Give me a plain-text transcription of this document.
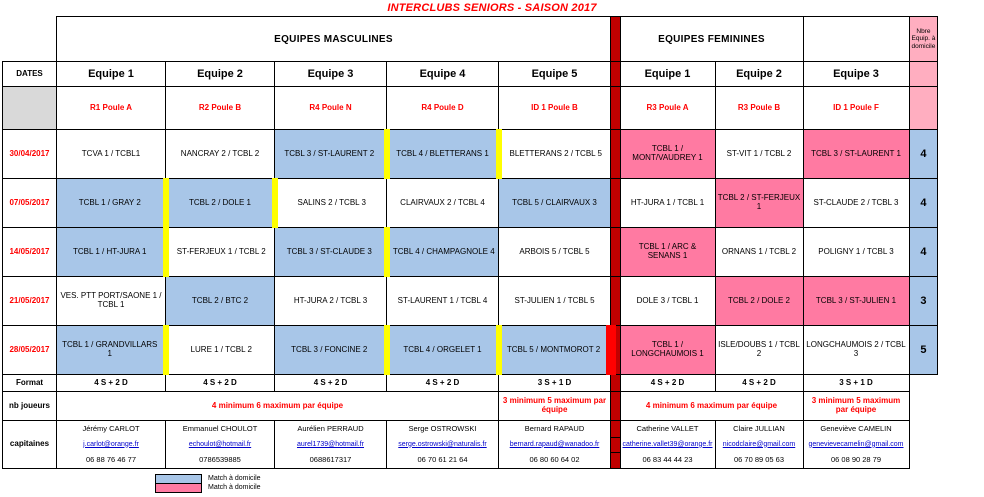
INTERCLUBS SENIORS - SAISON 2017
	EQUIPES MASCULINES						EQUIPES FEMININES			Nbre Equip. à domicile
DATES	Equipe 1	Equipe 2	Equipe 3	Equipe 4	Equipe 5		Equipe 1	Equipe 2	Equipe 3	
	R1 Poule A	R2 Poule B	R4 Poule N	R4 Poule D	ID 1 Poule B		R3 Poule A	R3 Poule B	ID 1 Poule F	
30/04/2017	TCVA 1 / TCBL1	NANCRAY 2 / TCBL 2	TCBL 3 / ST-LAURENT 2	TCBL 4 / BLETTERANS 1	BLETTERANS 2 / TCBL 5		TCBL 1 / MONT/VAUDREY 1	ST-VIT 1 / TCBL 2	TCBL 3 / ST-LAURENT 1	4
07/05/2017	TCBL 1 / GRAY 2	TCBL 2 / DOLE 1	SALINS 2 / TCBL 3	CLAIRVAUX 2 / TCBL 4	TCBL 5 / CLAIRVAUX 3		HT-JURA 1 / TCBL 1	TCBL 2 / ST-FERJEUX 1	ST-CLAUDE 2 / TCBL 3	4
14/05/2017	TCBL 1 / HT-JURA 1	ST-FERJEUX 1 / TCBL 2	TCBL 3 / ST-CLAUDE 3	TCBL 4 / CHAMPAGNOLE 4	ARBOIS 5 / TCBL 5		TCBL 1 / ARC & SENANS 1	ORNANS 1 / TCBL 2	POLIGNY 1 / TCBL 3	4
21/05/2017	VES. PTT PORT/SAONE 1 / TCBL 1	TCBL 2 / BTC 2	HT-JURA 2 / TCBL 3	ST-LAURENT 1 / TCBL 4	ST-JULIEN 1 / TCBL 5		DOLE 3 / TCBL 1	TCBL 2 / DOLE 2	TCBL 3 / ST-JULIEN 1	3
28/05/2017	TCBL 1 / GRANDVILLARS 1	LURE 1 / TCBL 2	TCBL 3 / FONCINE 2	TCBL 4 / ORGELET 1	TCBL 5 / MONTMOROT 2		TCBL 1 / LONGCHAUMOIS 1	ISLE/DOUBS 1 / TCBL 2	LONGCHAUMOIS 2 / TCBL 3	5
Format	4 S + 2 D	4 S + 2 D	4 S + 2 D	4 S + 2 D	3 S + 1 D		4 S + 2 D	4 S + 2 D	3 S + 1 D	
nb joueurs	4 minimum 6 maximum par équipe				3 minimum 5 maximum par équipe		4 minimum 6 maximum par équipe		3 minimum 5 maximum par équipe	
capitaines	Jérémy CARLOT	Emmanuel CHOULOT	Aurélien PERRAUD	Serge OSTROWSKI	Bernard RAPAUD		Catherine VALLET	Claire JULLIAN	Geneviève CAMELIN	
	j.carlot@orange.fr	echoulot@hotmail.fr	aurel1739@hotmail.fr	serge.ostrowski@naturalis.fr	bernard.rapaud@wanadoo.fr		catherine.vallet39@orange.fr	nicodclaire@gmail.com	genevievecamelin@gmail.com	
	06 88 76 46 77	0786539885	0688617317	06 70 61 21 64	06 80 60 64 02		06 83 44 44 23	06 70 89 05 63	06 08 90 28 79	
Match à domicile
Match à domicile
